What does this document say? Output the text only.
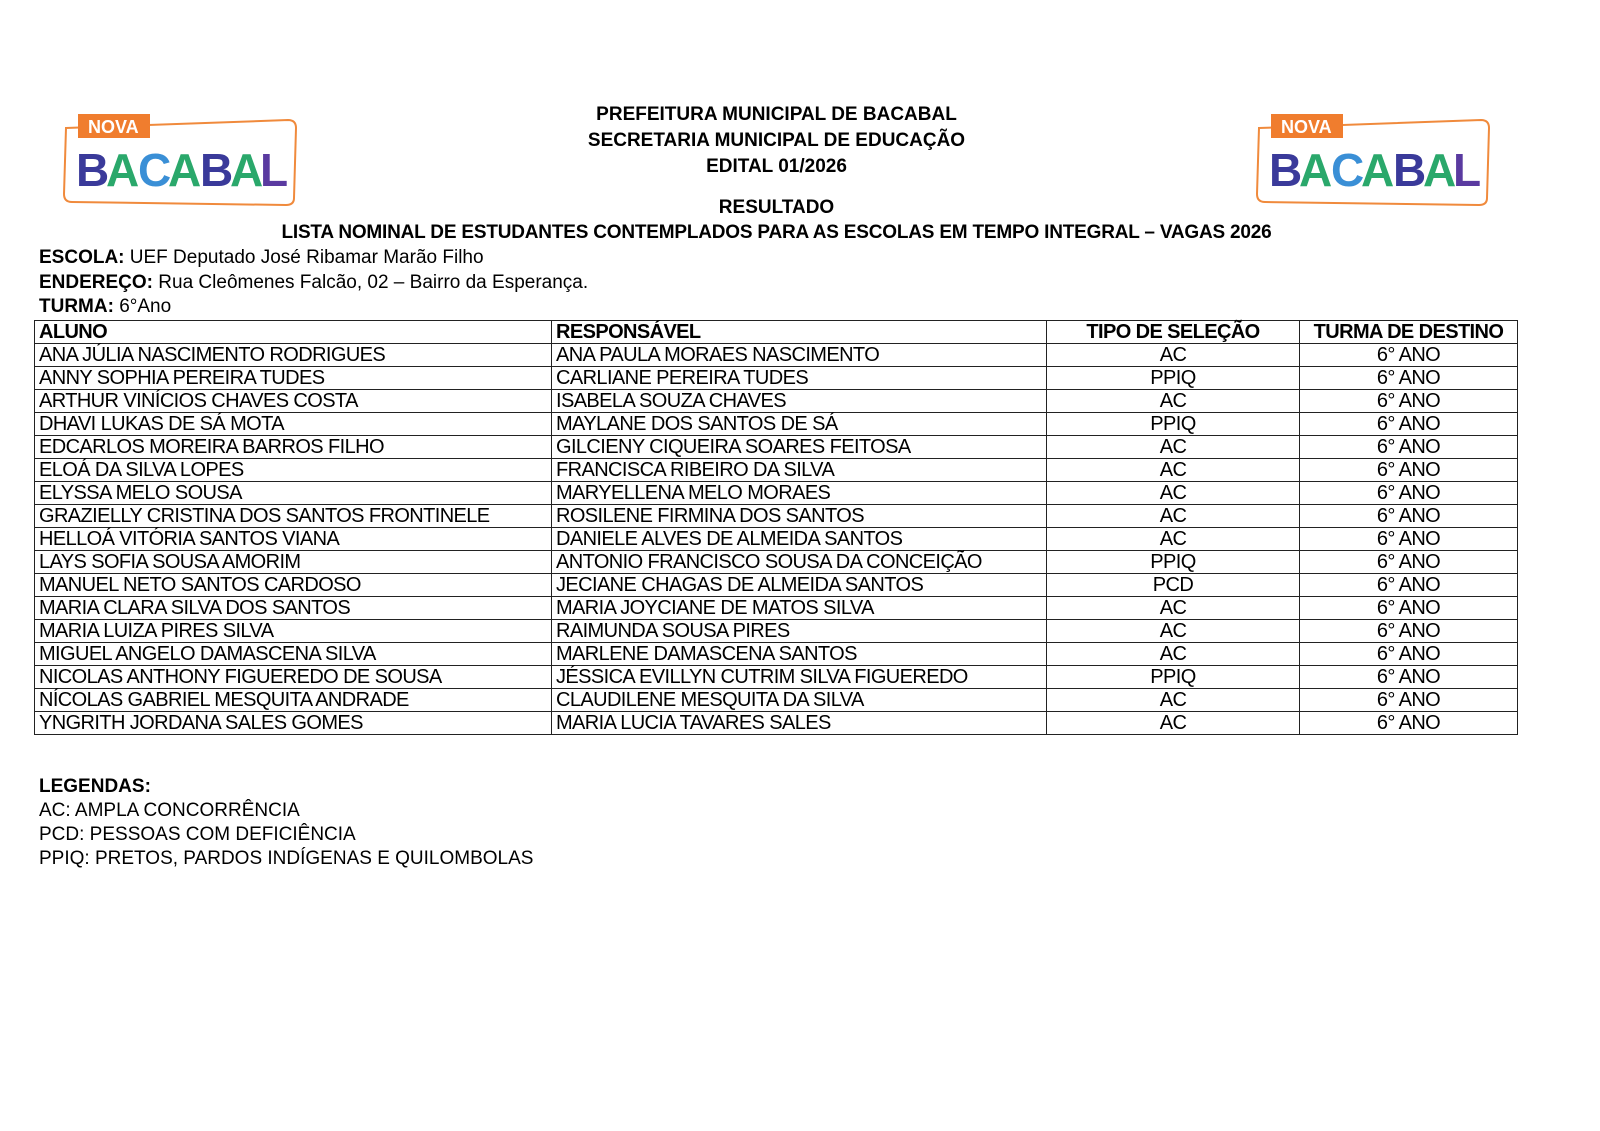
NOVA
B
A C
A B
A
L
NOVA
B
A
C
A
B
A
L
PREFEITURA MUNICIPAL DE BACABAL
SECRETARIA MUNICIPAL DE EDUCAÇÃO
EDITAL 01/2026
RESULTADO
LISTA NOMINAL DE ESTUDANTES CONTEMPLADOS PARA AS ESCOLAS EM TEMPO INTEGRAL – VAGAS 2026
ESCOLA: UEF Deputado José Ribamar Marão Filho
ENDEREÇO: Rua Cleômenes Falcão, 02 – Bairro da Esperança.
TURMA: 6°Ano
ALUNO	RESPONSÁVEL	TIPO DE SELEÇÃO	TURMA DE DESTINO
ANA JÚLIA NASCIMENTO RODRIGUES	ANA PAULA MORAES NASCIMENTO	AC	6° ANO
ANNY SOPHIA PEREIRA TUDES	CARLIANE PEREIRA TUDES	PPIQ	6° ANO
ARTHUR VINÍCIOS CHAVES COSTA	ISABELA SOUZA CHAVES	AC	6° ANO
DHAVI LUKAS DE SÁ MOTA	MAYLANE DOS SANTOS DE SÁ	PPIQ	6° ANO
EDCARLOS MOREIRA BARROS FILHO	GILCIENY CIQUEIRA SOARES FEITOSA	AC	6° ANO
ELOÁ DA SILVA LOPES	FRANCISCA RIBEIRO DA SILVA	AC	6° ANO
ELYSSA MELO SOUSA	MARYELLENA MELO MORAES	AC	6° ANO
GRAZIELLY CRISTINA DOS SANTOS FRONTINELE	ROSILENE FIRMINA DOS SANTOS	AC	6° ANO
HELLOÁ VITÓRIA SANTOS VIANA	DANIELE ALVES DE ALMEIDA SANTOS	AC	6° ANO
LAYS SOFIA SOUSA AMORIM	ANTONIO FRANCISCO SOUSA DA CONCEIÇÃO	PPIQ	6° ANO
MANUEL NETO SANTOS CARDOSO	JECIANE CHAGAS DE ALMEIDA SANTOS	PCD	6° ANO
MARIA CLARA SILVA DOS SANTOS	MARIA JOYCIANE DE MATOS SILVA	AC	6° ANO
MARIA LUIZA PIRES SILVA	RAIMUNDA SOUSA PIRES	AC	6° ANO
MIGUEL ANGELO DAMASCENA SILVA	MARLENE DAMASCENA SANTOS	AC	6° ANO
NICOLAS ANTHONY FIGUEREDO DE SOUSA	JÉSSICA EVILLYN CUTRIM SILVA FIGUEREDO	PPIQ	6° ANO
NÍCOLAS GABRIEL MESQUITA ANDRADE	CLAUDILENE MESQUITA DA SILVA	AC	6° ANO
YNGRITH JORDANA SALES GOMES	MARIA LUCIA TAVARES SALES	AC	6° ANO
LEGENDAS:
AC: AMPLA CONCORRÊNCIA
PCD: PESSOAS COM DEFICIÊNCIA
PPIQ: PRETOS, PARDOS INDÍGENAS E QUILOMBOLAS
